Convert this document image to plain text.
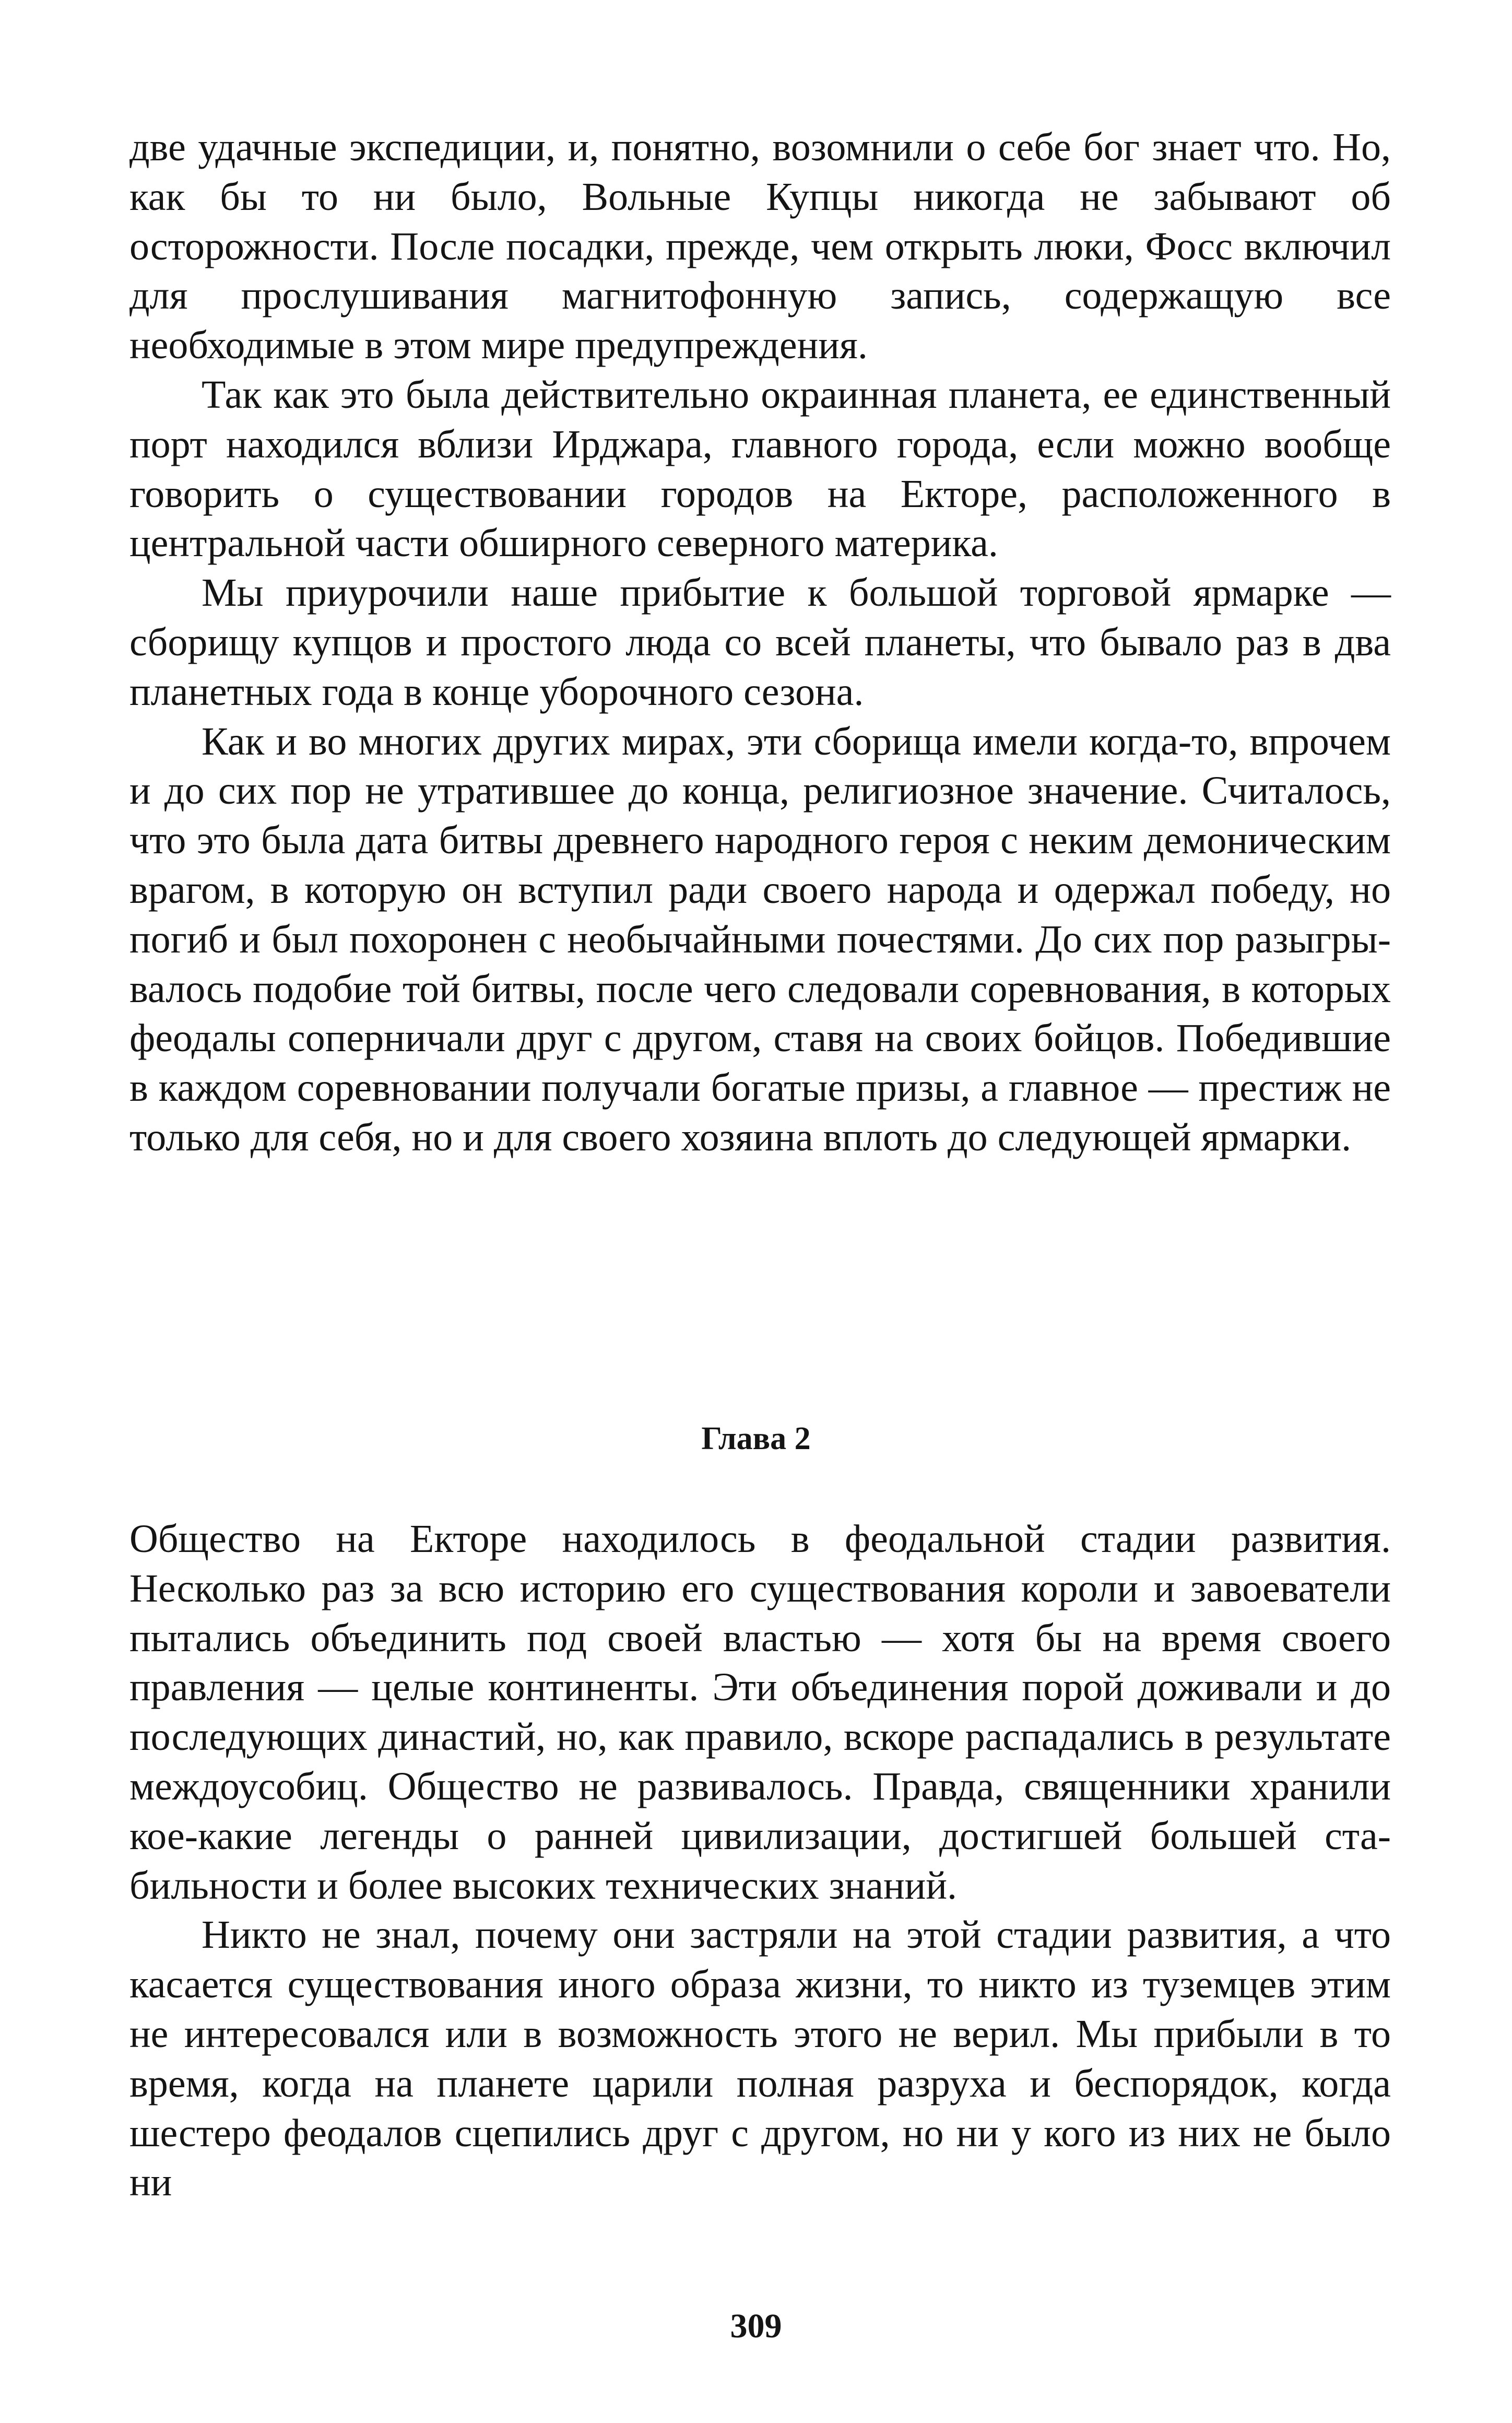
две удачные экспедиции, и, понятно, возомнили о себе бог знает что. Но, как бы то ни было, Вольные Купцы никогда не забывают об осторожности. После посадки, прежде, чем открыть люки, Фосс включил для прослушивания магнитофонную запись, содержащую все необходимые в этом мире предупреждения.

Так как это была действительно окраинная планета, ее единственный порт находился вблизи Ирджара, главного города, если можно вообще говорить о существовании городов на Екторе, расположенного в центральной части обширного северного материка.

Мы приурочили наше прибытие к большой торговой ярмарке — сборищу купцов и простого люда со всей планеты, что бывало раз в два планетных года в конце уборочного сезона.

Как и во многих других мирах, эти сборища имели когда-то, впрочем и до сих пор не утратившее до конца, религиозное значение. Считалось, что это была дата битвы древнего народного героя с неким демоническим врагом, в которую он вступил ради своего народа и одержал победу, но погиб и был похоронен с необычайными почестями. До сих пор разыгрывалось подобие той битвы, после чего следовали соревнования, в которых феодалы соперничали друг с другом, ставя на своих бойцов. Победившие в каждом соревновании получали богатые призы, а главное — престиж не только для себя, но и для своего хозяина вплоть до следующей ярмарки.

Глава 2

Общество на Екторе находилось в феодальной стадии развития. Несколько раз за всю историю его существования короли и завоеватели пытались объединить под своей властью — хотя бы на время своего правления — целые континенты. Эти объединения порой доживали и до последующих династий, но, как правило, вскоре распадались в результате междоусобиц. Общество не развивалось. Правда, священники хранили кое-какие легенды о ранней цивилизации, достигшей большей стабильности и более высоких технических знаний.

Никто не знал, почему они застряли на этой стадии развития, а что касается существования иного образа жизни, то никто из туземцев этим не интересовался или в возможность этого не верил. Мы прибыли в то время, когда на планете царили полная разруха и беспорядок, когда шестеро феодалов сцепились друг с другом, но ни у кого из них не было ни

309
